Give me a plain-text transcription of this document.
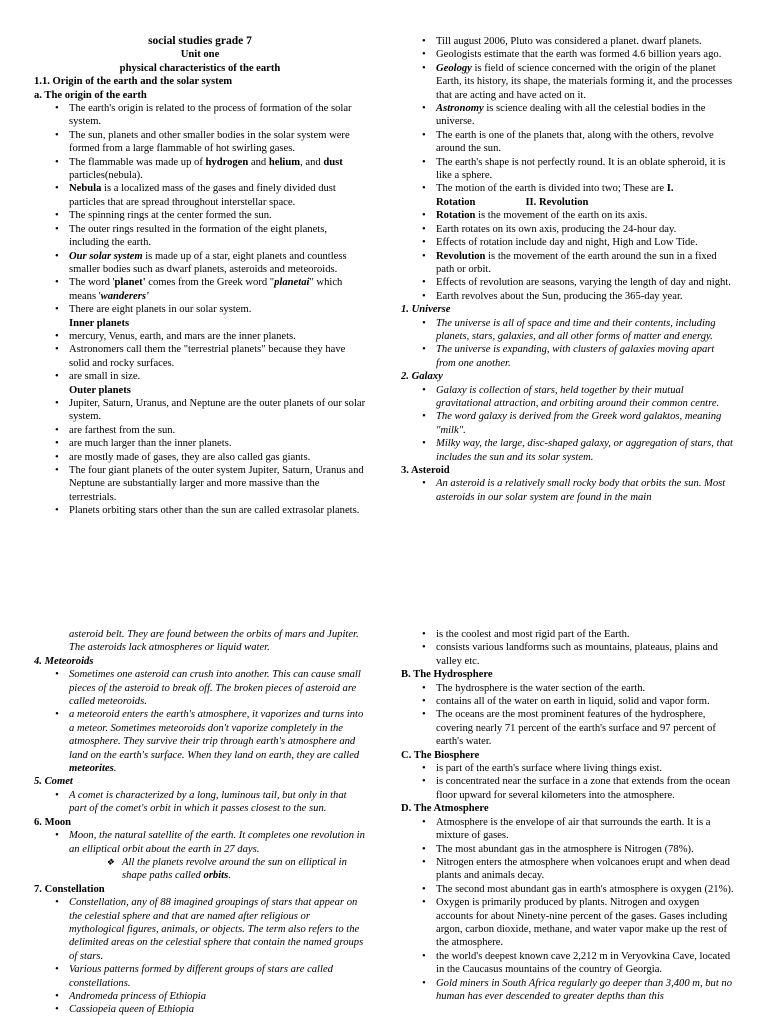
social studies grade 7
Unit one
physical characteristics of the earth
1.1. Origin of the earth and the solar system
a. The origin of the earth
• The earth's origin is related to the process of formation of the solar system.
• The sun, planets and other smaller bodies in the solar system were formed from a large flammable of hot swirling gases.
• The flammable was made up of hydrogen and helium, and dust particles(nebula).
• Nebula is a localized mass of the gases and finely divided dust particles that are spread throughout interstellar space.
• The spinning rings at the center formed the sun.
• The outer rings resulted in the formation of the eight planets, including the earth.
• Our solar system is made up of a star, eight planets and countless smaller bodies such as dwarf planets, asteroids and meteoroids.
• The word 'planet' comes from the Greek word "planetai" which means 'wanderers'
• There are eight planets in our solar system.
Inner planets
• mercury, Venus, earth, and mars are the inner planets.
• Astronomers call them the "terrestrial planets" because they have solid and rocky surfaces.
• are small in size.
Outer planets
• Jupiter, Saturn, Uranus, and Neptune are the outer planets of our solar system.
• are farthest from the sun.
• are much larger than the inner planets.
• are mostly made of gases, they are also called gas giants.
• The four giant planets of the outer system Jupiter, Saturn, Uranus and Neptune are substantially larger and more massive than the terrestrials.
• Planets orbiting stars other than the sun are called extrasolar planets.
• Till august 2006, Pluto was considered a planet. dwarf planets.
• Geologists estimate that the earth was formed 4.6 billion years ago.
• Geology is field of science concerned with the origin of the planet Earth, its history, its shape, the materials forming it, and the processes that are acting and have acted on it.
• Astronomy is science dealing with all the celestial bodies in the universe.
• The earth is one of the planets that, along with the others, revolve around the sun.
• The earth's shape is not perfectly round. It is an oblate spheroid, it is like a sphere.
• The motion of the earth is divided into two; These are I. Rotation	II. Revolution
• Rotation is the movement of the earth on its axis.
• Earth rotates on its own axis, producing the 24-hour day.
• Effects of rotation include day and night, High and Low Tide.
• Revolution is the movement of the earth around the sun in a fixed path or orbit.
• Effects of revolution are seasons, varying the length of day and night.
• Earth revolves about the Sun, producing the 365-day year.
1. Universe
• The universe is all of space and time and their contents, including planets, stars, galaxies, and all other forms of matter and energy.
• The universe is expanding, with clusters of galaxies moving apart from one another.
2. Galaxy
• Galaxy is collection of stars, held together by their mutual gravitational attraction, and orbiting around their common centre.
• The word galaxy is derived from the Greek word galaktos, meaning "milk".
• Milky way, the large, disc-shaped galaxy, or aggregation of stars, that includes the sun and its solar system.
3. Asteroid
• An asteroid is a relatively small rocky body that orbits the sun. Most asteroids in our solar system are found in the main
asteroid belt. They are found between the orbits of mars and Jupiter. The asteroids lack atmospheres or liquid water.
4. Meteoroids
• Sometimes one asteroid can crush into another. This can cause small pieces of the asteroid to break off. The broken pieces of asteroid are called meteoroids.
• a meteoroid enters the earth's atmosphere, it vaporizes and turns into a meteor. Sometimes meteoroids don't vaporize completely in the atmosphere. They survive their trip through earth's atmosphere and land on the earth's surface. When they land on earth, they are called meteorites.
5. Comet
• A comet is characterized by a long, luminous tail, but only in that part of the comet's orbit in which it passes closest to the sun.
6. Moon
• Moon, the natural satellite of the earth. It completes one revolution in an elliptical orbit about the earth in 27 days.
❖ All the planets revolve around the sun on elliptical in shape paths called orbits.
7. Constellation
• Constellation, any of 88 imagined groupings of stars that appear on the celestial sphere and that are named after religious or mythological figures, animals, or objects. The term also refers to the delimited areas on the celestial sphere that contain the named groups of stars.
• Various patterns formed by different groups of stars are called constellations.
• Andromeda princess of Ethiopia
• Cassiopeia queen of Ethiopia
• is the coolest and most rigid part of the Earth.
• consists various landforms such as mountains, plateaus, plains and valley etc.
B. The Hydrosphere
• The hydrosphere is the water section of the earth.
• contains all of the water on earth in liquid, solid and vapor form.
• The oceans are the most prominent features of the hydrosphere, covering nearly 71 percent of the earth's surface and 97 percent of earth's water.
C. The Biosphere
• is part of the earth's surface where living things exist.
• is concentrated near the surface in a zone that extends from the ocean floor upward for several kilometers into the atmosphere.
D. The Atmosphere
• Atmosphere is the envelope of air that surrounds the earth. It is a mixture of gases.
• The most abundant gas in the atmosphere is Nitrogen (78%).
• Nitrogen enters the atmosphere when volcanoes erupt and when dead plants and animals decay.
• The second most abundant gas in earth's atmosphere is oxygen (21%).
• Oxygen is primarily produced by plants. Nitrogen and oxygen accounts for about Ninety-nine percent of the gases. Gases including argon, carbon dioxide, methane, and water vapor make up the rest of the atmosphere.
• the world's deepest known cave 2,212 m in Veryovkina Cave, located in the Caucasus mountains of the country of Georgia.
• Gold miners in South Africa regularly go deeper than 3,400 m, but no human has ever descended to greater depths than this
